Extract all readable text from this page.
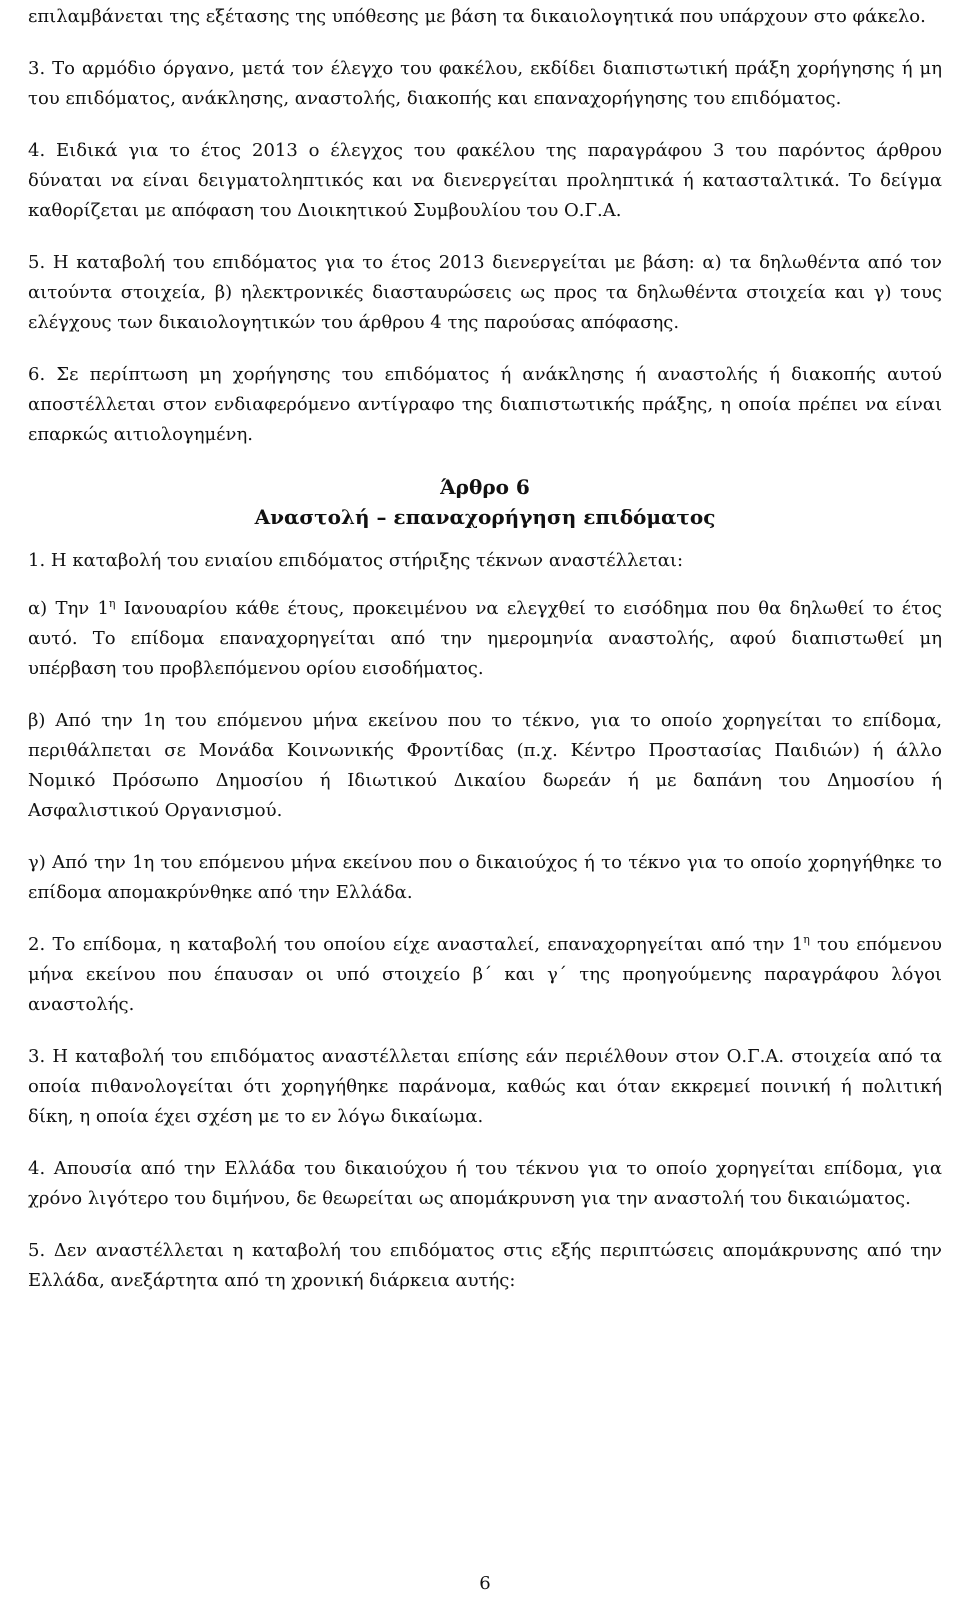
επιλαμβάνεται της εξέτασης της υπόθεσης με βάση τα δικαιολογητικά που υπάρχουν στο φάκελο.

3. Το αρμόδιο όργανο, μετά τον έλεγχο του φακέλου, εκδίδει διαπιστωτική πράξη χορήγησης ή μη του επιδόματος, ανάκλησης, αναστολής, διακοπής και επαναχορήγησης του επιδόματος.

4. Ειδικά για το έτος 2013 ο έλεγχος του φακέλου της παραγράφου 3 του παρόντος άρθρου δύναται να είναι δειγματοληπτικός και να διενεργείται προληπτικά ή κατασταλτικά. Το δείγμα καθορίζεται με απόφαση του Διοικητικού Συμβουλίου του Ο.Γ.Α.

5. Η καταβολή του επιδόματος για το έτος 2013 διενεργείται με βάση: α) τα δηλωθέντα από τον αιτούντα στοιχεία, β) ηλεκτρονικές διασταυρώσεις ως προς τα δηλωθέντα στοιχεία και γ) τους ελέγχους των δικαιολογητικών του άρθρου 4 της παρούσας απόφασης.

6. Σε περίπτωση μη χορήγησης του επιδόματος ή ανάκλησης ή αναστολής ή διακοπής αυτού αποστέλλεται στον ενδιαφερόμενο αντίγραφο της διαπιστωτικής πράξης, η οποία πρέπει να είναι επαρκώς αιτιολογημένη.

Άρθρο 6

Αναστολή – επαναχορήγηση επιδόματος

1. Η καταβολή του ενιαίου επιδόματος στήριξης τέκνων αναστέλλεται:

α) Την $1^\eta$ Ιανουαρίου κάθε έτους, προκειμένου να ελεγχθεί το εισόδημα που θα δηλωθεί το έτος αυτό. Το επίδομα επαναχορηγείται από την ημερομηνία αναστολής, αφού διαπιστωθεί μη υπέρβαση του προβλεπόμενου ορίου εισοδήματος.

β) Από την 1η του επόμενου μήνα εκείνου που το τέκνο, για το οποίο χορηγείται το επίδομα, περιθάλπεται σε Μονάδα Κοινωνικής Φροντίδας (π.χ. Κέντρο Προστασίας Παιδιών) ή άλλο Νομικό Πρόσωπο Δημοσίου ή Ιδιωτικού Δικαίου δωρεάν ή με δαπάνη του Δημοσίου ή Ασφαλιστικού Οργανισμού.

γ) Από την 1η του επόμενου μήνα εκείνου που ο δικαιούχος ή το τέκνο για το οποίο χορηγήθηκε το επίδομα απομακρύνθηκε από την Ελλάδα.

2. Το επίδομα, η καταβολή του οποίου είχε ανασταλεί, επαναχορηγείται από την $1^\eta$ του επόμενου μήνα εκείνου που έπαυσαν οι υπό στοιχείο β΄ και γ΄ της προηγούμενης παραγράφου λόγοι αναστολής.

3. Η καταβολή του επιδόματος αναστέλλεται επίσης εάν περιέλθουν στον Ο.Γ.Α. στοιχεία από τα οποία πιθανολογείται ότι χορηγήθηκε παράνομα, καθώς και όταν εκκρεμεί ποινική ή πολιτική δίκη, η οποία έχει σχέση με το εν λόγω δικαίωμα.

4. Απουσία από την Ελλάδα του δικαιούχου ή του τέκνου για το οποίο χορηγείται επίδομα, για χρόνο λιγότερο του διμήνου, δε θεωρείται ως απομάκρυνση για την αναστολή του δικαιώματος.

5. Δεν αναστέλλεται η καταβολή του επιδόματος στις εξής περιπτώσεις απομάκρυνσης από την Ελλάδα, ανεξάρτητα από τη χρονική διάρκεια αυτής:

6
